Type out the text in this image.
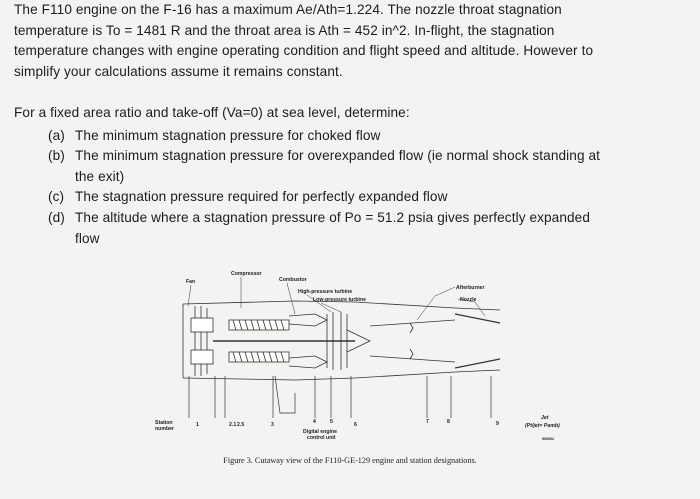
The F110 engine on the F-16 has a maximum Ae/Ath=1.224. The nozzle throat stagnation
temperature is To = 1481 R and the throat area is Ath = 452 in^2. In-flight, the stagnation
temperature changes with engine operating condition and flight speed and altitude. However to
simplify your calculations assume it remains constant.
For a fixed area ratio and take-off (Va=0) at sea level, determine:
(a) The minimum stagnation pressure for choked flow
(b) The minimum stagnation pressure for overexpanded flow (ie normal shock standing at
the exit)
(c) The stagnation pressure required for perfectly expanded flow
(d) The altitude where a stagnation pressure of Po = 51.2 psia gives perfectly expanded
flow
Compressor
Fan	Combustor
High-pressure turbine
Low-pressure turbine
Afterburner
Nozzle
Station
number
1	2.1 2.5	3	4	5	6	7	8	9
Digital engine
control unit
Jet
(Pt/jet= Pamb)
960602
Figure 3. Cutaway view of the F110-GE-129 engine and station designations.
